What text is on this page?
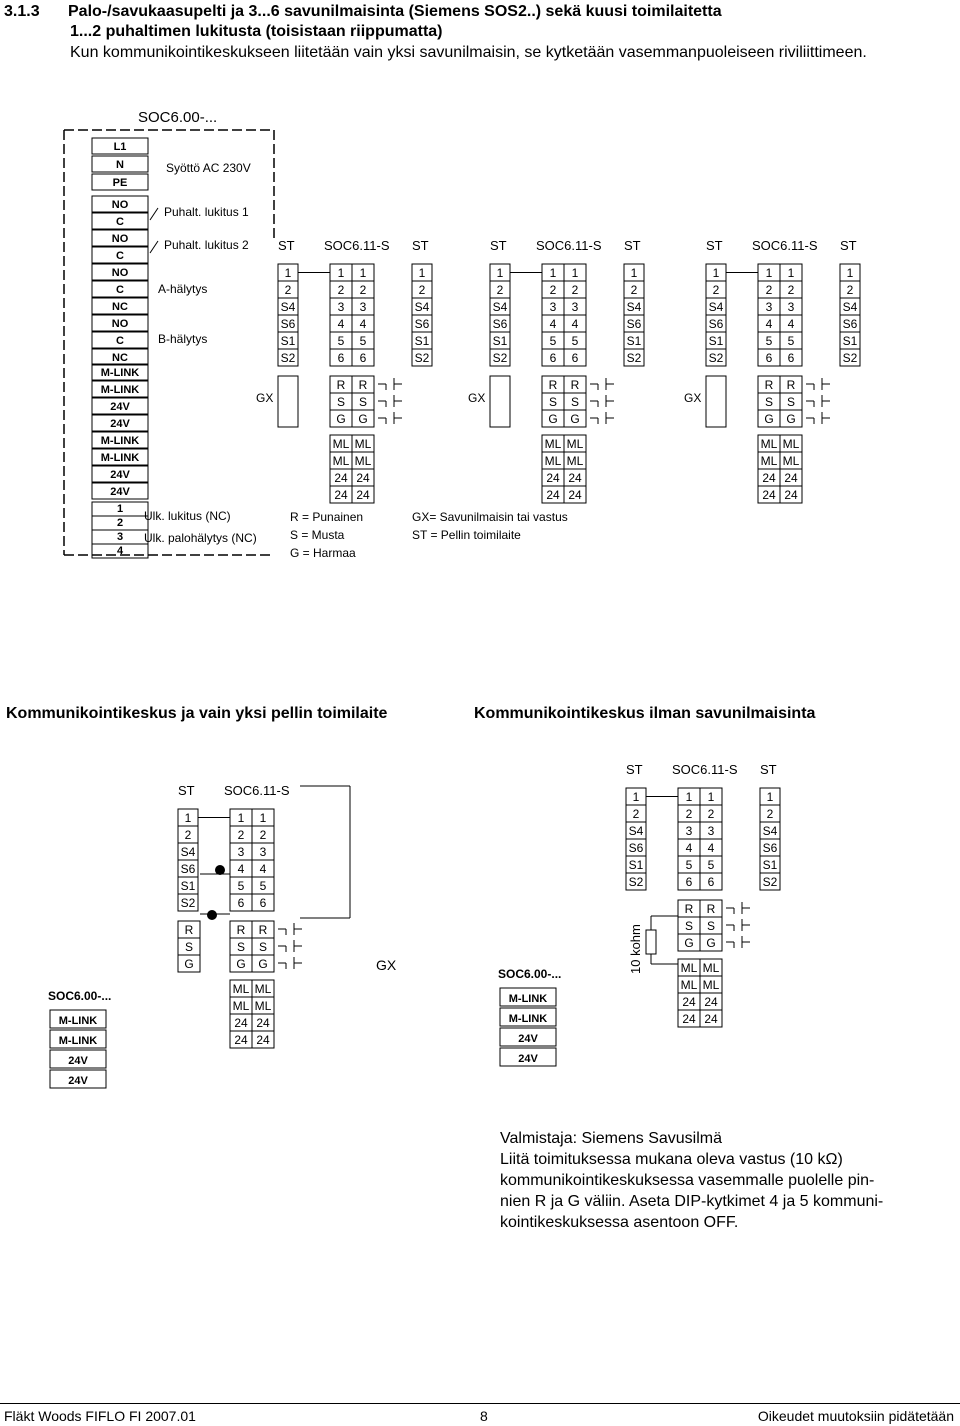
3.1.3 Palo-/savukaasupelti ja 3...6 savunilmaisinta (Siemens SOS2..) sekä kuusi toimilaitetta
1...2 puhaltimen lukitusta (toisistaan riippumatta)
Kun kommunikointikeskukseen liitetään vain yksi savunilmaisin, se kytketään vasemmanpuoleiseen riviliittimeen.
SOC6.00-...
L1
N
PE
Syöttö AC 230V
NO
C
NO
C
NO
C
NC
NO
C
NC
Puhalt. lukitus 1
Puhalt. lukitus 2
A-hälytys
B-hälytys
M-LINK
M-LINK
24V
24V
M-LINK
M-LINK
24V
24V
1
2
3
4
Ulk. lukitus (NC)
Ulk. palohälytys (NC)
ST SOC6.11-S ST
1	1 1	1
2	2 2	2
S4	3 3	S4
S6	4 4	S6
S1	5 5	S1
S2	6 6	S2
R R
S S
G G
ML ML
ML ML
24 24
24 24
GX
ST SOC6.11-S ST
1	1 1	1
2	2 2	2
S4	3 3	S4
S6	4 4	S6
S1	5 5	S1
S2	6 6	S2
R R
S S
G G
ML ML
ML ML
24 24
24 24
GX
ST SOC6.11-S ST
1	1 1	1
2	2 2	2
S4	3 3	S4
S6	4 4	S6
S1	5 5	S1
S2	6 6	S2
R R
S S
G G
ML ML
ML ML
24 24
24 24
GX
R = Punainen
S = Musta
G = Harmaa
GX= Savunilmaisin tai vastus
ST = Pellin toimilaite
Kommunikointikeskus ja vain yksi pellin toimilaite	Kommunikointikeskus ilman savunilmaisinta
ST SOC6.11-S
1	1 1
2	2 2
S4	3 3
S6	4 4
S1	5 5
S2	6 6
R R
S S
G G
ML ML
ML ML
24 24
24 24
GX
R
S
G
SOC6.00-...
M-LINK
M-LINK
24V
24V
ST SOC6.11-S ST
1	1 1	1
2	2 2	2
S4	3 3	S4
S6	4 4	S6
S1	5 5	S1
S2	6 6	S2
R R
S S
G G
ML ML
ML ML
24 24
24 24
SOC6.00-...
M-LINK
M-LINK
24V
24V
10 kohm
Valmistaja: Siemens Savusilmä
Liitä toimituksessa mukana oleva vastus (10 kΩ)
kommunikointikeskuksessa vasemmalle puolelle pin-
nien R ja G väliin. Aseta DIP-kytkimet 4 ja 5 kommuni-
kointikeskuksessa asentoon OFF.
Fläkt Woods FIFLO FI 2007.01	8	Oikeudet muutoksiin pidätetään
